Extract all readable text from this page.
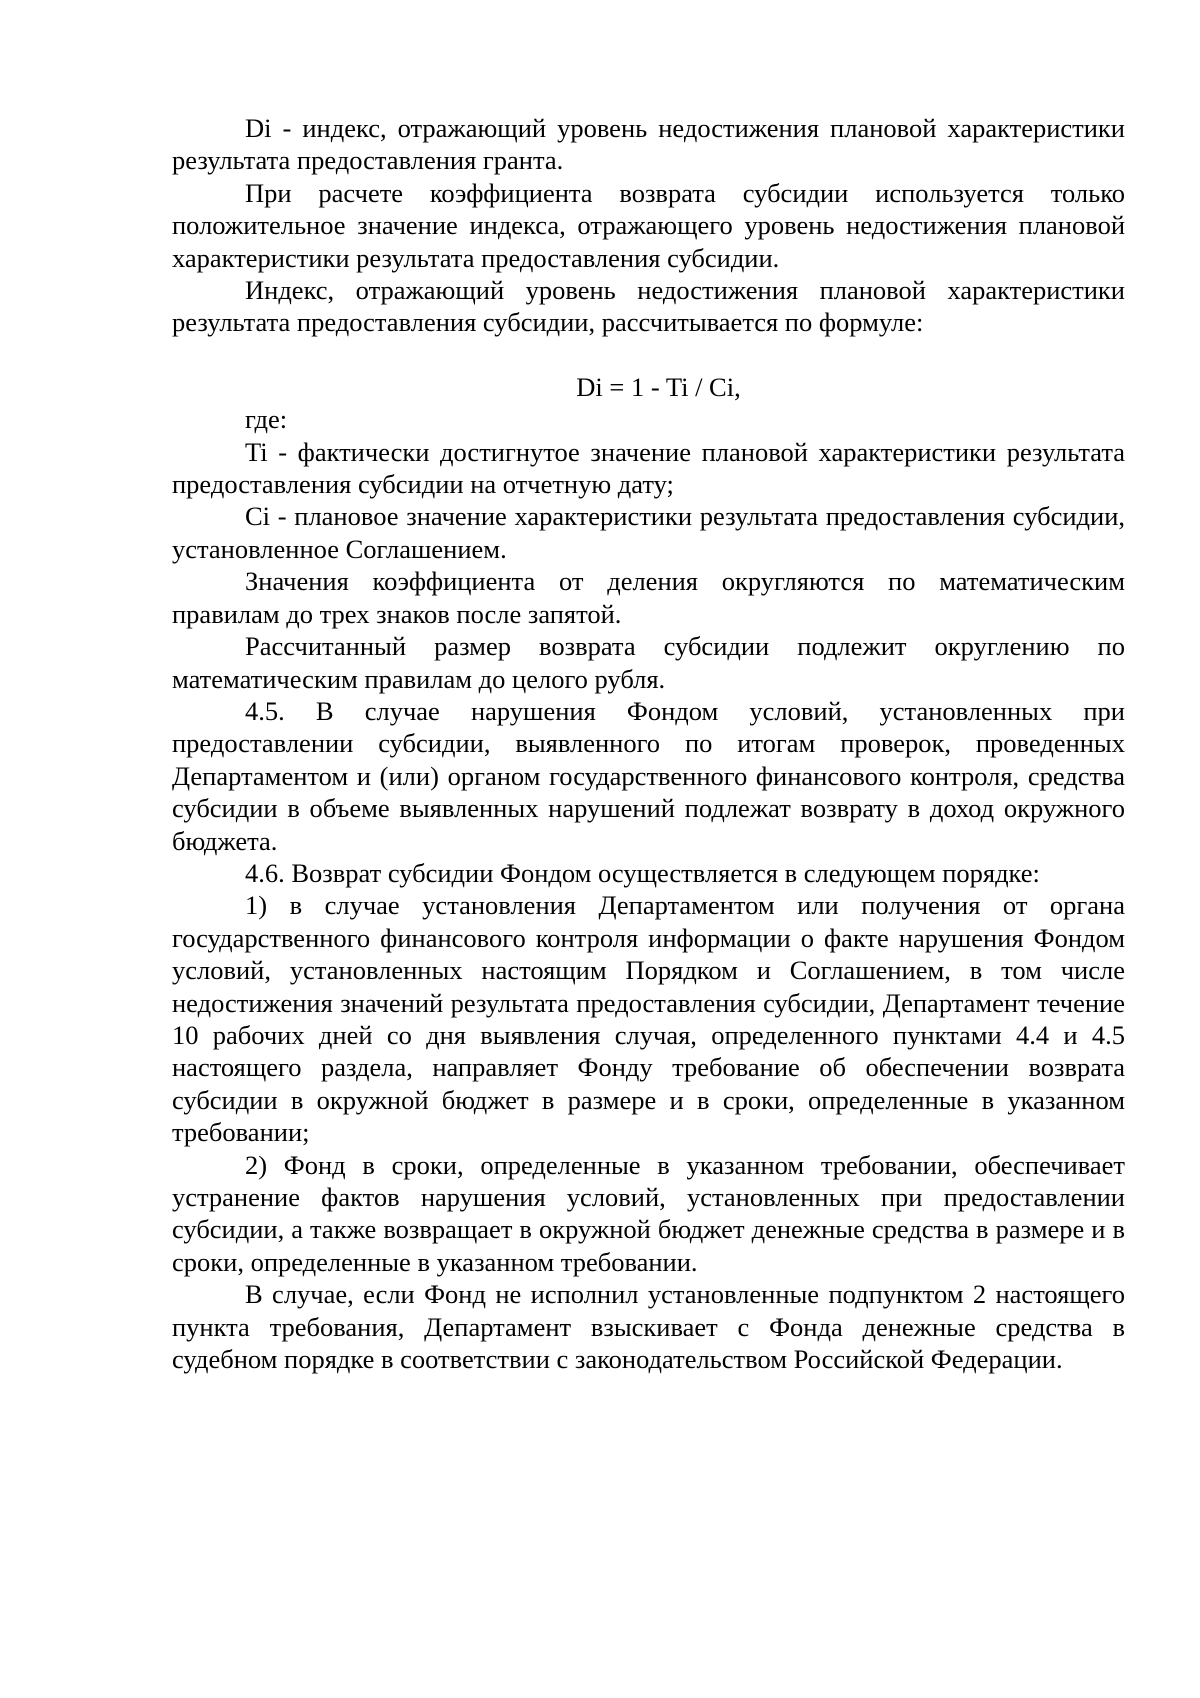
Di - индекс, отражающий уровень недостижения плановой характеристики результата предоставления гранта.

При расчете коэффициента возврата субсидии используется только положительное значение индекса, отражающего уровень недостижения плановой характеристики результата предоставления субсидии.

Индекс, отражающий уровень недостижения плановой характеристики результата предоставления субсидии, рассчитывается по формуле:

Di = 1 - Ti / Ci,

где:

Ti - фактически достигнутое значение плановой характеристики результата предоставления субсидии на отчетную дату;

Ci - плановое значение характеристики результата предоставления субсидии, установленное Соглашением.

Значения коэффициента от деления округляются по математическим правилам до трех знаков после запятой.

Рассчитанный размер возврата субсидии подлежит округлению по математическим правилам до целого рубля.

4.5. В случае нарушения Фондом условий, установленных при предоставлении субсидии, выявленного по итогам проверок, проведенных Департаментом и (или) органом государственного финансового контроля, средства субсидии в объеме выявленных нарушений подлежат возврату в доход окружного бюджета.

4.6. Возврат субсидии Фондом осуществляется в следующем порядке:

1) в случае установления Департаментом или получения от органа государственного финансового контроля информации о факте нарушения Фондом условий, установленных настоящим Порядком и Соглашением, в том числе недостижения значений результата предоставления субсидии, Департамент течение 10 рабочих дней со дня выявления случая, определенного пунктами 4.4 и 4.5 настоящего раздела, направляет Фонду требование об обеспечении возврата субсидии в окружной бюджет в размере и в сроки, определенные в указанном требовании;

2) Фонд в сроки, определенные в указанном требовании, обеспечивает устранение фактов нарушения условий, установленных при предоставлении субсидии, а также возвращает в окружной бюджет денежные средства в размере и в сроки, определенные в указанном требовании.

В случае, если Фонд не исполнил установленные подпунктом 2 настоящего пункта требования, Департамент взыскивает с Фонда денежные средства в судебном порядке в соответствии с законодательством Российской Федерации.
